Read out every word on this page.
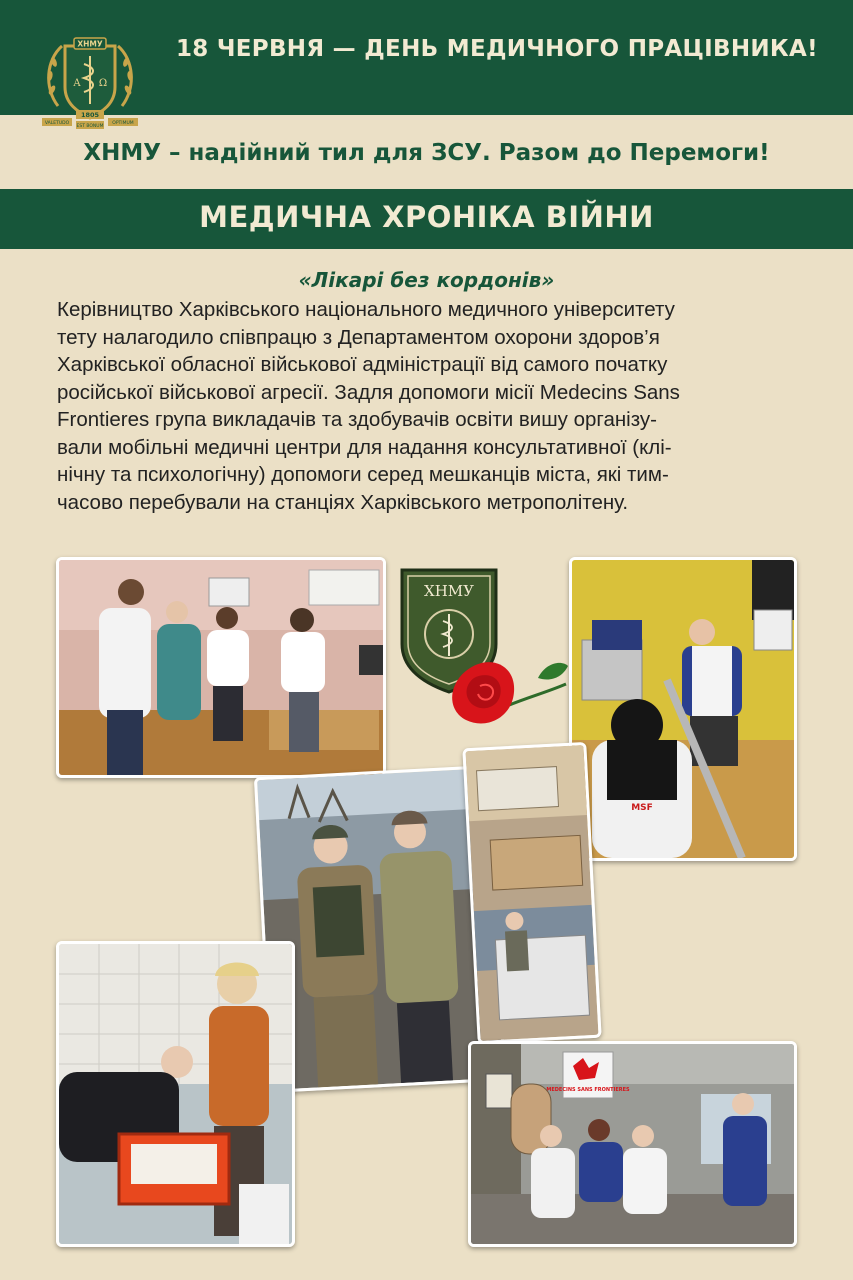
ХНМУ
Α Ω
1805
VALETUDO	OPTIMUM
EST BONUM
18 ЧЕРВНЯ — ДЕНЬ МЕДИЧНОГО ПРАЦІВНИКА!
ХНМУ – надійний тил для ЗСУ. Разом до Перемоги!
МЕДИЧНА ХРОНІКА ВІЙНИ
«Лікарі без кордонів»

Керівництво Харківського національного медичного університету
тету налагодило співпрацю з Департаментом охорони здоров’я
Харківської обласної військової адміністрації від самого початку
російської військової агресії. Задля допомоги місії Medecins Sans
Frontieres група викладачів та здобувачів освіти вишу організу-
вали мобільні медичні центри для надання консультативної (клі-
нічну та психологічну) допомоги серед мешканців міста, які тим-
часово перебували на станціях Харківського метрополітену.

ХНМУ
MSF
MEDECINS SANS FRONTIERES
